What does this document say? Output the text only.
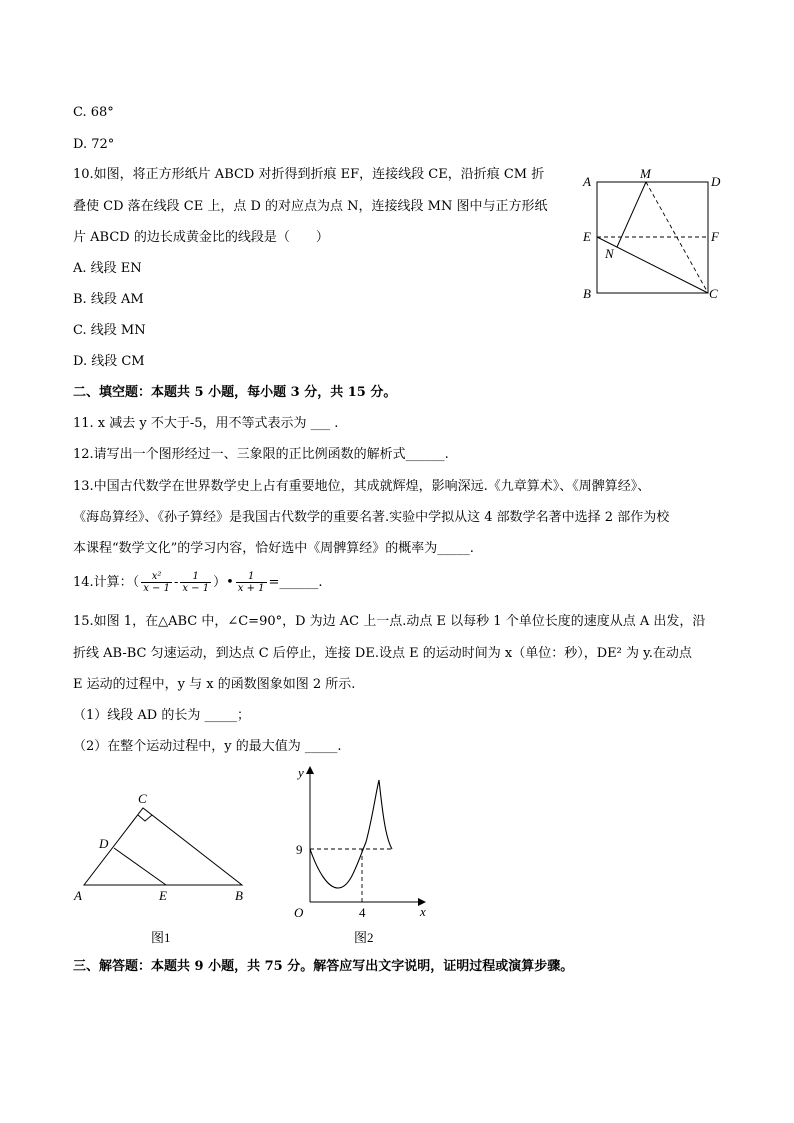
C. 68°
D. 72°
10.如图，将正方形纸片 ABCD 对折得到折痕 EF，连接线段 CE，沿折痕 CM 折
叠使 CD 落在线段 CE 上，点 D 的对应点为点 N，连接线段 MN 图中与正方形纸
片 ABCD 的边长成黄金比的线段是（　　）
A. 线段 EN
B. 线段 AM
C. 线段 MN
D. 线段 CM
A
M
D
E	F
N
B	C
二、填空题：本题共 5 小题，每小题 3 分，共 15 分。
11. x 减去 y 不大于-5，用不等式表示为 ___ .
12.请写出一个图形经过一、三象限的正比例函数的解析式______.
13.中国古代数学在世界数学史上占有重要地位，其成就辉煌，影响深远.《九章算术》、《周髀算经》、
《海岛算经》、《孙子算经》是我国古代数学的重要名著.实验中学拟从这 4 部数学名著中选择 2 部作为校
本课程“数学文化”的学习内容，恰好选中《周髀算经》的概率为_____.
14.计算：（ $\frac{\text{x²}}{x - 1} - \frac{1}{x - 1}$ ）• $\frac{1}{x + 1}$ =______.
15.如图 1，在△ABC 中，∠C=90°，D 为边 AC 上一点.动点 E 以每秒 1 个单位长度的速度从点 A 出发，沿
折线 AB-BC 匀速运动，到达点 C 后停止，连接 DE.设点 E 的运动时间为 x（单位：秒），DE² 为 y.在动点
E 运动的过程中，y 与 x 的函数图象如图 2 所示.
（1）线段 AD 的长为 _____；
（2）在整个运动过程中，y 的最大值为 _____.
A	B
C
D
E
图1
y
x
O
9
4
图2
三、解答题：本题共 9 小题，共 75 分。解答应写出文字说明，证明过程或演算步骤。
